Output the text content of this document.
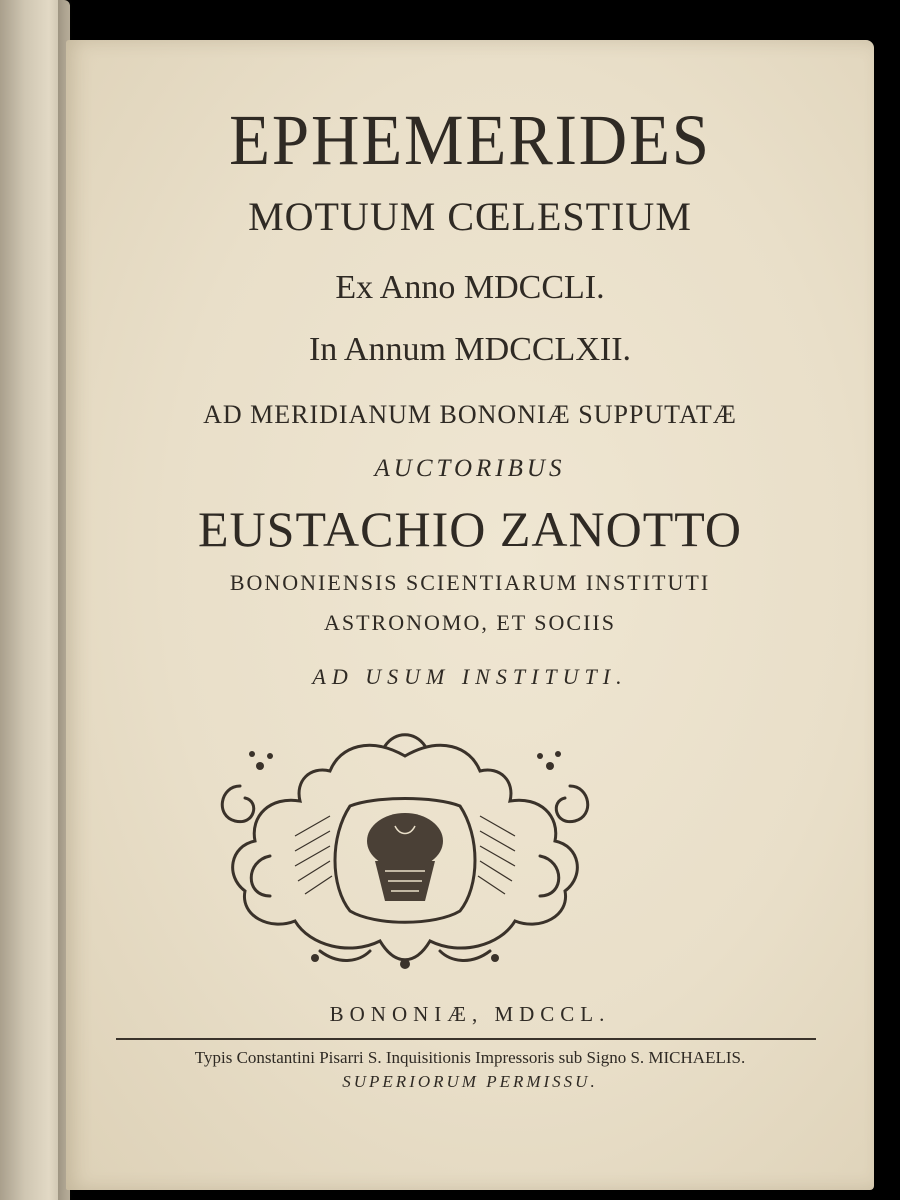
EPHEMERIDES
MOTUUM CŒLESTIUM
Ex Anno MDCCLI.
In Annum MDCCLXII.
AD MERIDIANUM BONONIÆ SUPPUTATÆ
AUCTORIBUS
EUSTACHIO ZANOTTO
BONONIENSIS SCIENTIARUM INSTITUTI
ASTRONOMO, ET SOCIIS
AD USUM INSTITUTI.
BONONIÆ, MDCCL.
Typis Constantini Pisarri S. Inquisitionis Impressoris sub Signo S. MICHAELIS.
SUPERIORUM PERMISSU.
